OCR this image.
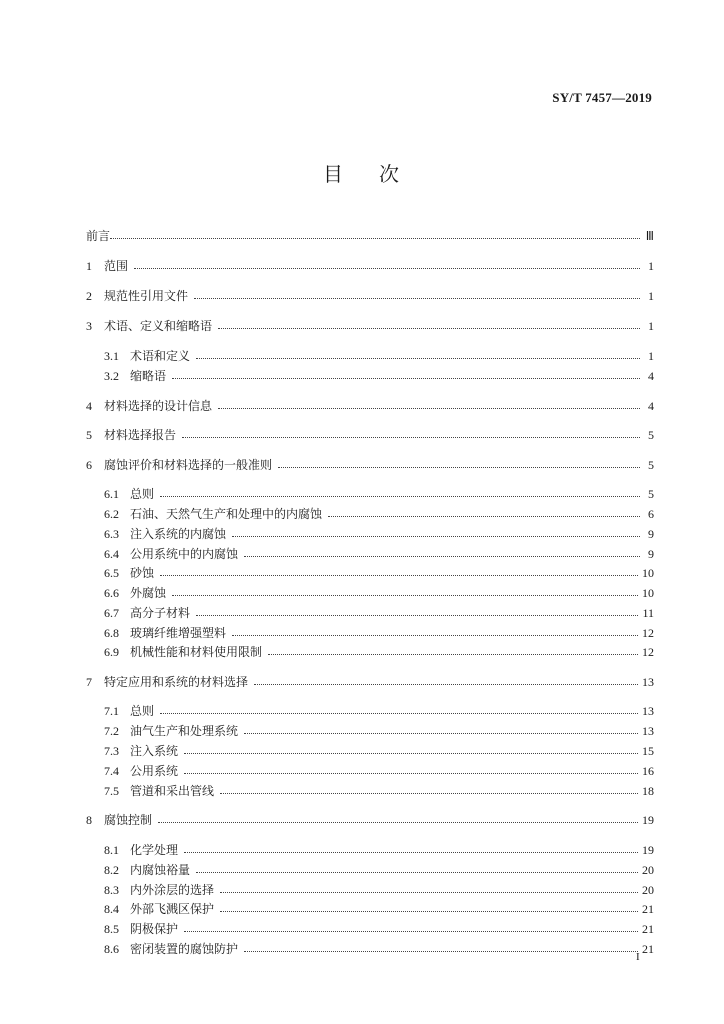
SY/T 7457—2019
目 次
前言	Ⅲ
1	范围	1
2	规范性引用文件	1
3	术语、定义和缩略语	1
3.1 术语和定义	1
3.2 缩略语	4
4	材料选择的设计信息	4
5	材料选择报告	5
6	腐蚀评价和材料选择的一般准则	5
6.1 总则	5
6.2 石油、天然气生产和处理中的内腐蚀	6
6.3 注入系统的内腐蚀	9
6.4 公用系统中的内腐蚀	9
6.5 砂蚀	10
6.6 外腐蚀	10
6.7 高分子材料	11
6.8 玻璃纤维增强塑料	12
6.9 机械性能和材料使用限制	12
7	特定应用和系统的材料选择	13
7.1 总则	13
7.2 油气生产和处理系统	13
7.3 注入系统	15
7.4 公用系统	16
7.5 管道和采出管线	18
8	腐蚀控制	19
8.1 化学处理	19
8.2 内腐蚀裕量	20
8.3 内外涂层的选择	20
8.4 外部飞溅区保护	21
8.5 阴极保护	21
8.6 密闭装置的腐蚀防护	21
I
